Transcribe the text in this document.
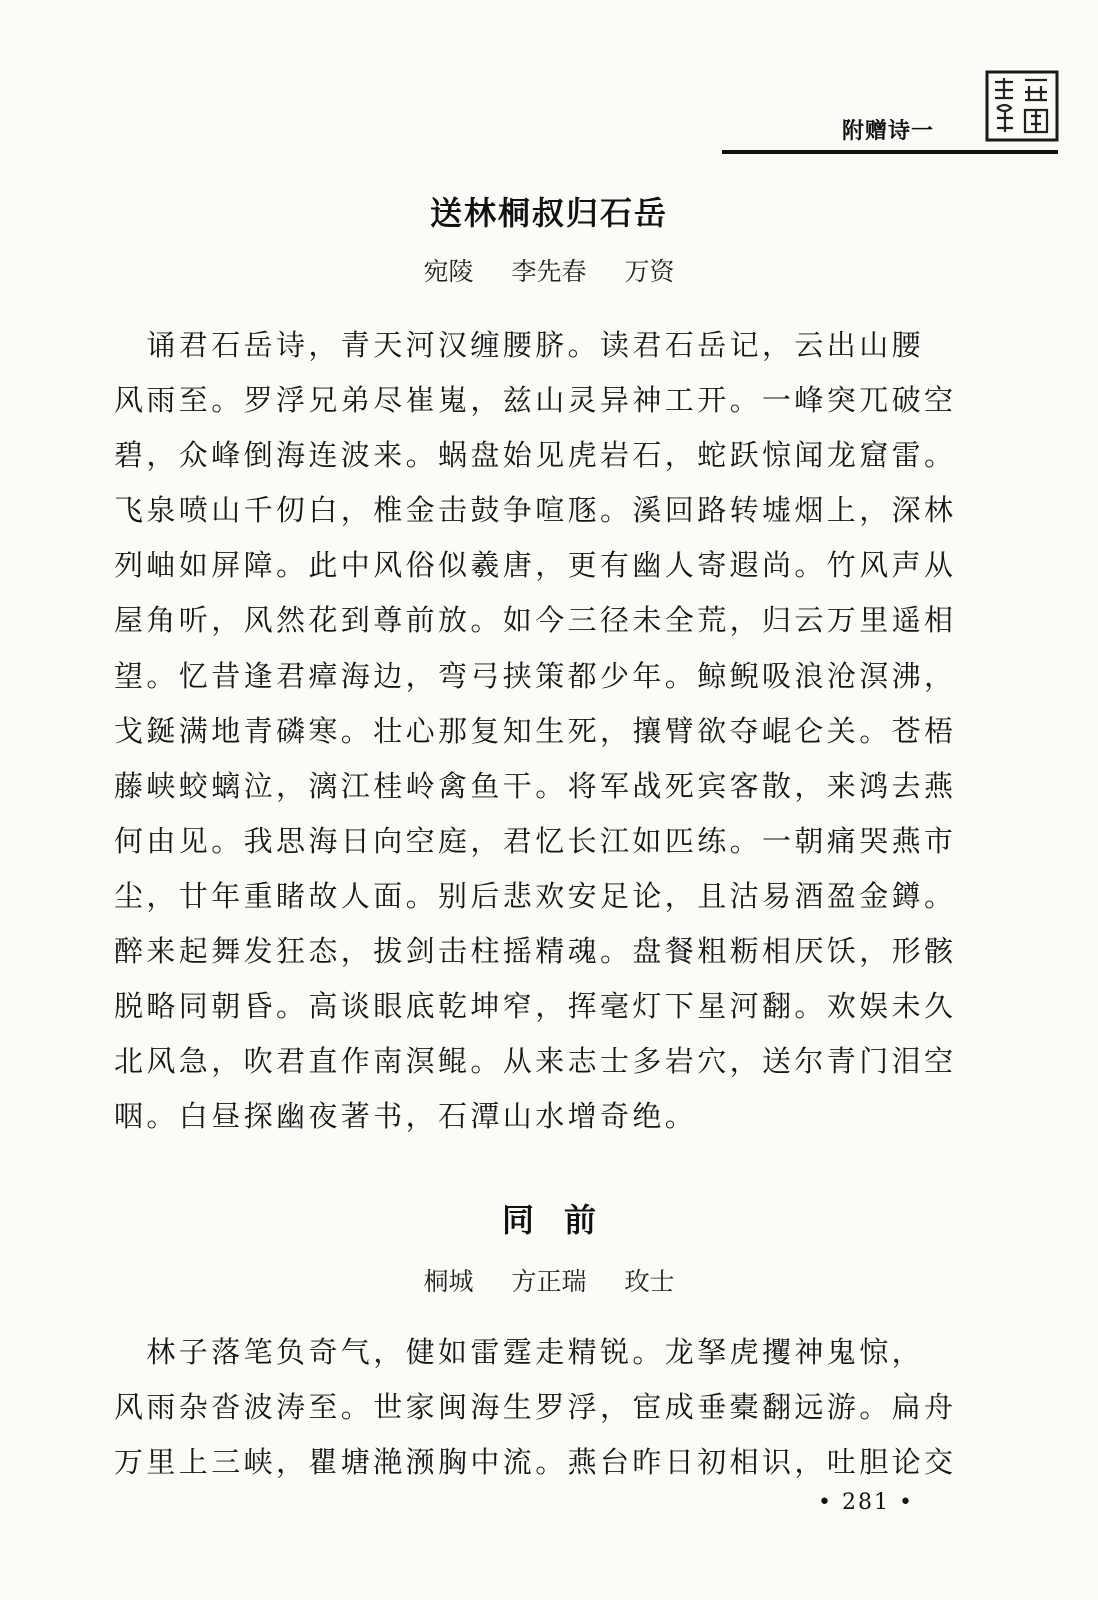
附赠诗一
送林桐叔归石岳
宛陵 李先春 万资
　诵君石岳诗，青天河汉缠腰脐。读君石岳记，云出山腰
风雨至。罗浮兄弟尽崔嵬，兹山灵异神工开。一峰突兀破空
碧，众峰倒海连波来。蜗盘始见虎岩石，蛇跃惊闻龙窟雷。
飞泉喷山千仞白，椎金击鼓争喧豗。溪回路转墟烟上，深林
列岫如屏障。此中风俗似羲唐，更有幽人寄遐尚。竹风声从
屋角听，风然花到尊前放。如今三径未全荒，归云万里遥相
望。忆昔逢君瘴海边，弯弓挟策都少年。鲸鲵吸浪沧溟沸，
戈鋋满地青磷寒。壮心那复知生死，攘臂欲夺崐仑关。苍梧
藤峡蛟螭泣，漓江桂岭禽鱼干。将军战死宾客散，来鸿去燕
何由见。我思海日向空庭，君忆长江如匹练。一朝痛哭燕市
尘，廿年重睹故人面。别后悲欢安足论，且沽易酒盈金鐏。
醉来起舞发狂态，拔剑击柱摇精魂。盘餐粗粝相厌饫，形骸
脱略同朝昏。高谈眼底乾坤窄，挥毫灯下星河翻。欢娱未久
北风急，吹君直作南溟鲲。从来志士多岩穴，送尔青门泪空
咽。白昼探幽夜著书，石潭山水增奇绝。
同前
桐城 方正瑞 玫士
　林子落笔负奇气，健如雷霆走精锐。龙拏虎攫神鬼惊，
风雨杂沓波涛至。世家闽海生罗浮，宦成垂橐翻远游。扁舟
万里上三峡，瞿塘滟滪胸中流。燕台昨日初相识，吐胆论交
• 281 •
